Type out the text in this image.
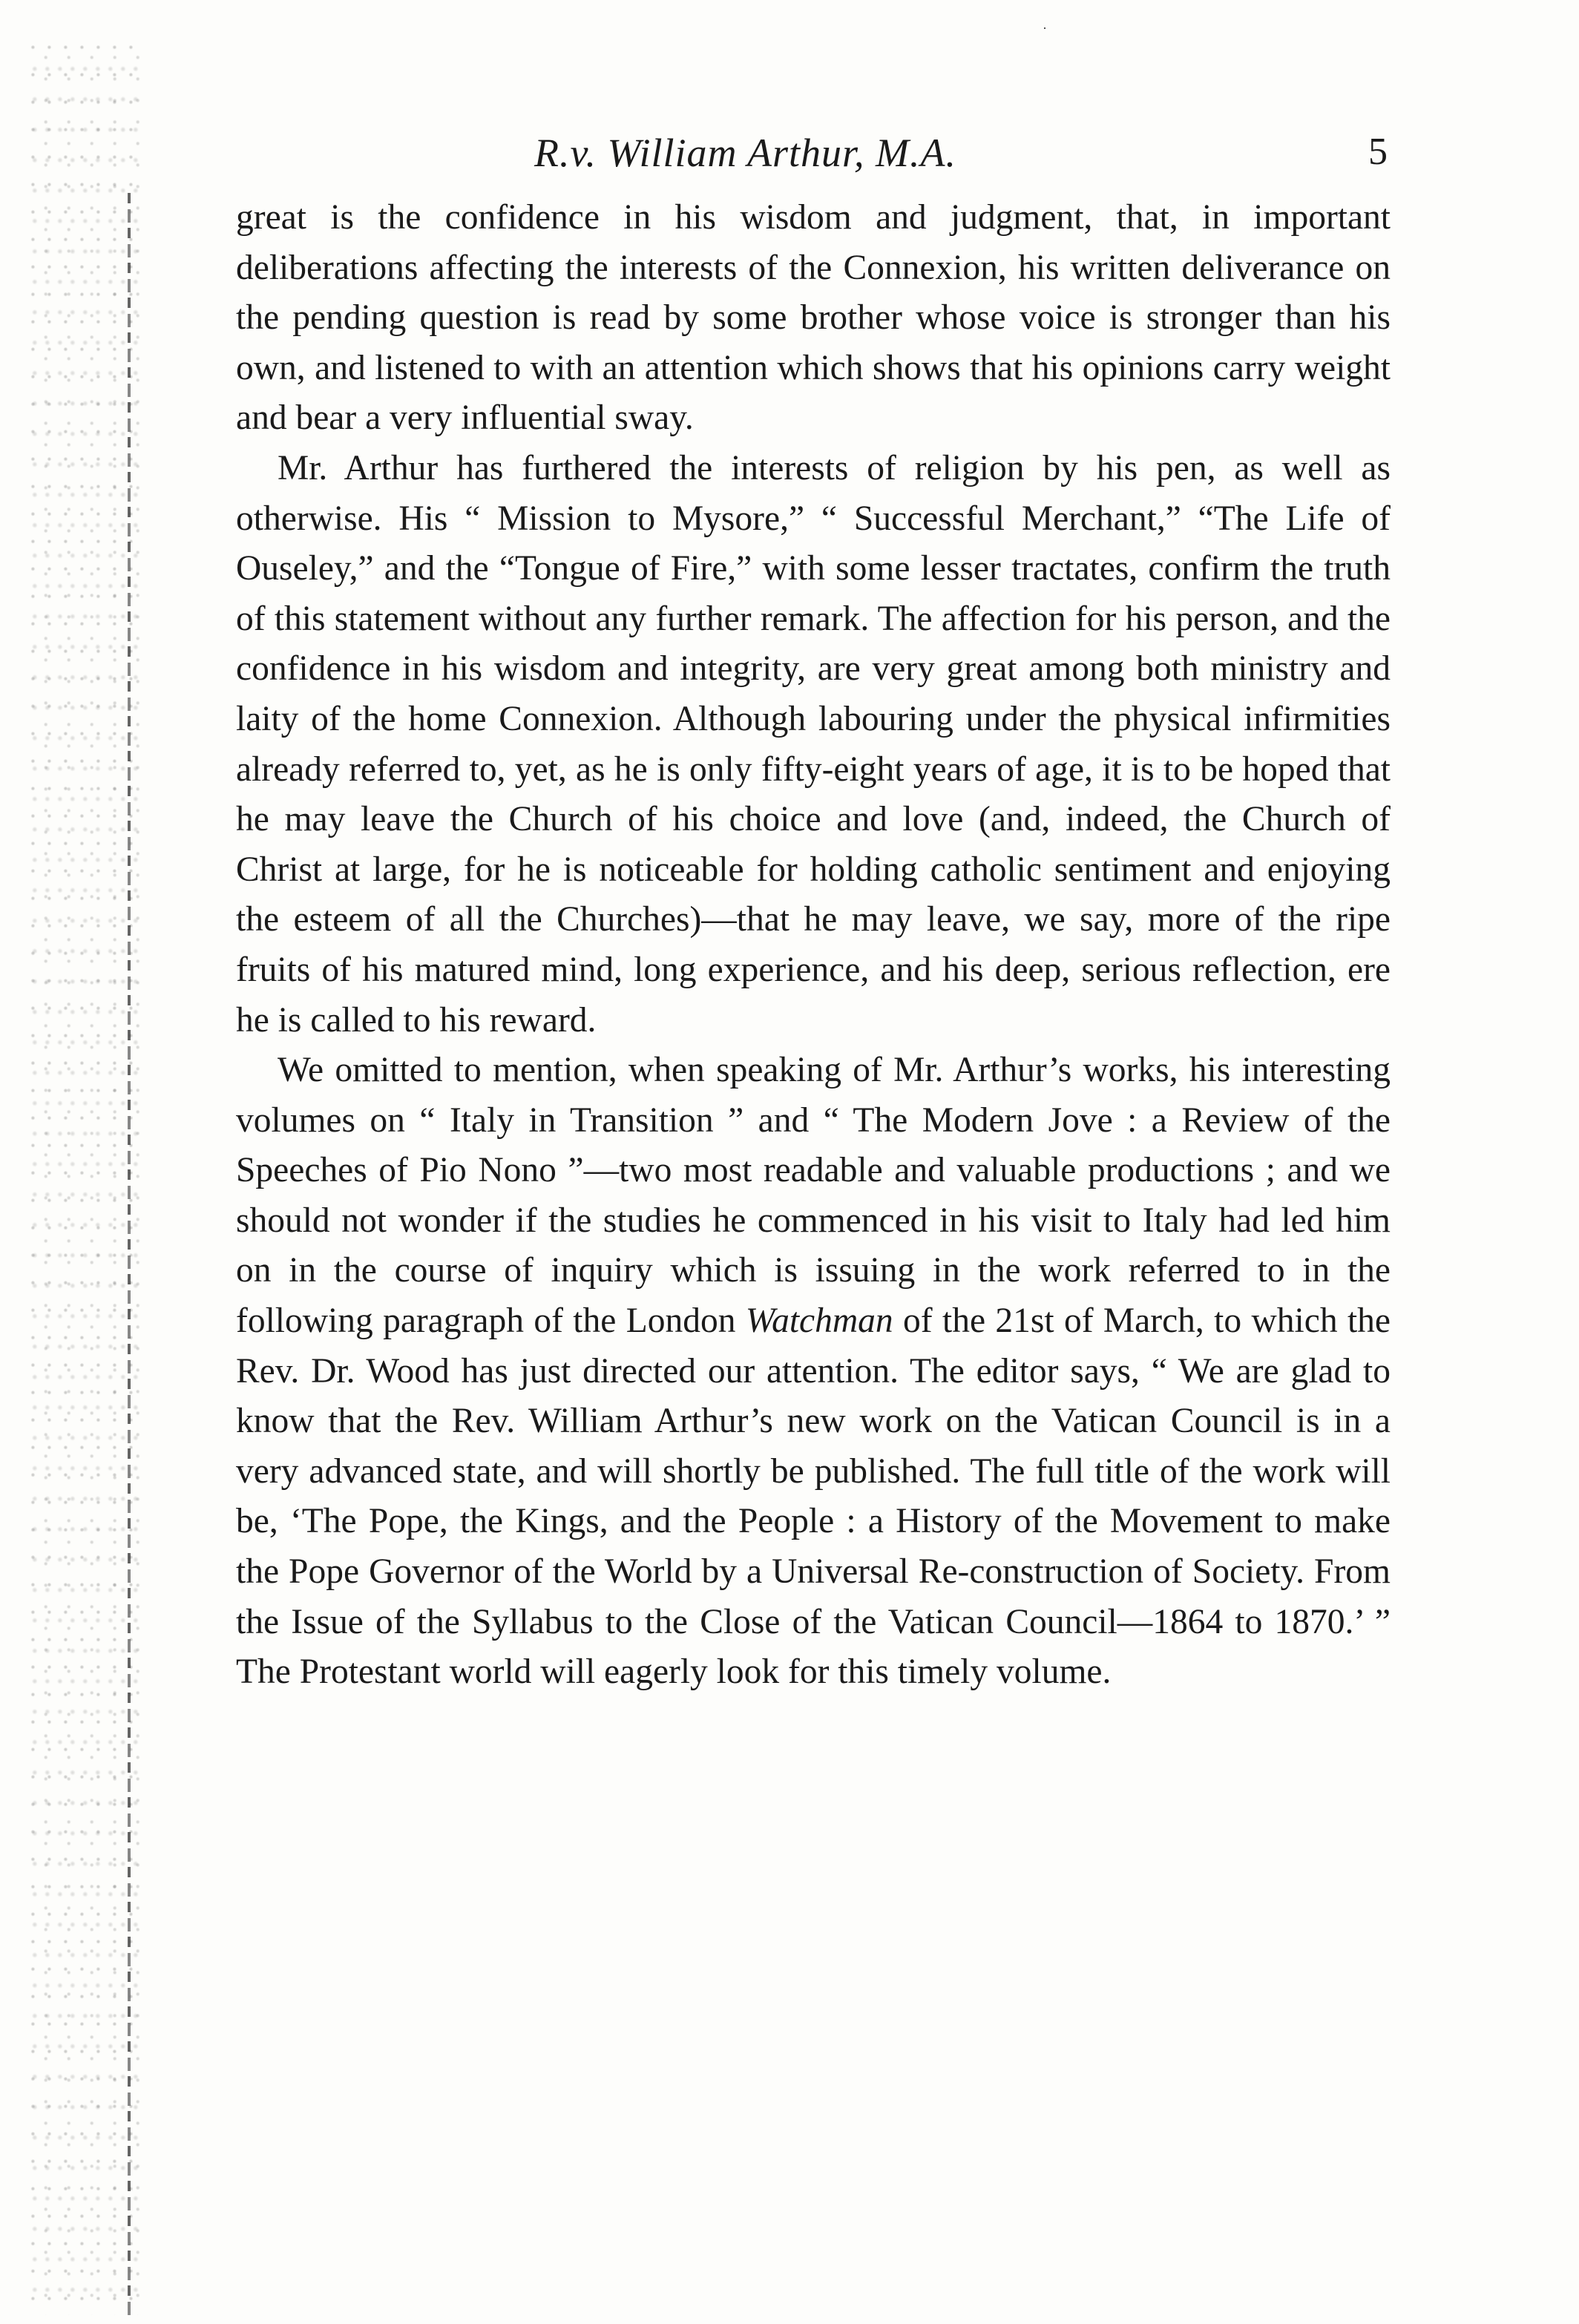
·
R.v. William Arthur, M.A.	5

great is the confidence in his wisdom and judgment, that, in important deliberations affecting the interests of the Connexion, his written deliverance on the pending question is read by some brother whose voice is stronger than his own, and listened to with an attention which shows that his opinions carry weight and bear a very influential sway.

Mr. Arthur has furthered the interests of religion by his pen, as well as otherwise. His “ Mission to Mysore,” “ Successful Merchant,” “The Life of Ouseley,” and the “Tongue of Fire,” with some lesser tractates, confirm the truth of this statement without any further remark. The affection for his person, and the confidence in his wisdom and integrity, are very great among both ministry and laity of the home Connexion. Although labouring under the physical infirmities already referred to, yet, as he is only fifty-eight years of age, it is to be hoped that he may leave the Church of his choice and love (and, indeed, the Church of Christ at large, for he is noticeable for holding catholic sentiment and enjoying the esteem of all the Churches)—that he may leave, we say, more of the ripe fruits of his matured mind, long experience, and his deep, serious reflection, ere he is called to his reward.

We omitted to mention, when speaking of Mr. Arthur’s works, his interesting volumes on “ Italy in Transition ” and “ The Modern Jove : a Review of the Speeches of Pio Nono ”—two most readable and valuable productions ; and we should not wonder if the studies he commenced in his visit to Italy had led him on in the course of inquiry which is issuing in the work referred to in the following paragraph of the London Watchman of the 21st of March, to which the Rev. Dr. Wood has just directed our attention. The editor says, “ We are glad to know that the Rev. William Arthur’s new work on the Vatican Council is in a very advanced state, and will shortly be published. The full title of the work will be, ‘The Pope, the Kings, and the People : a History of the Movement to make the Pope Governor of the World by a Universal Re-construction of Society. From the Issue of the Syllabus to the Close of the Vatican Council—1864 to 1870.’ ” The Protestant world will eagerly look for this timely volume.
